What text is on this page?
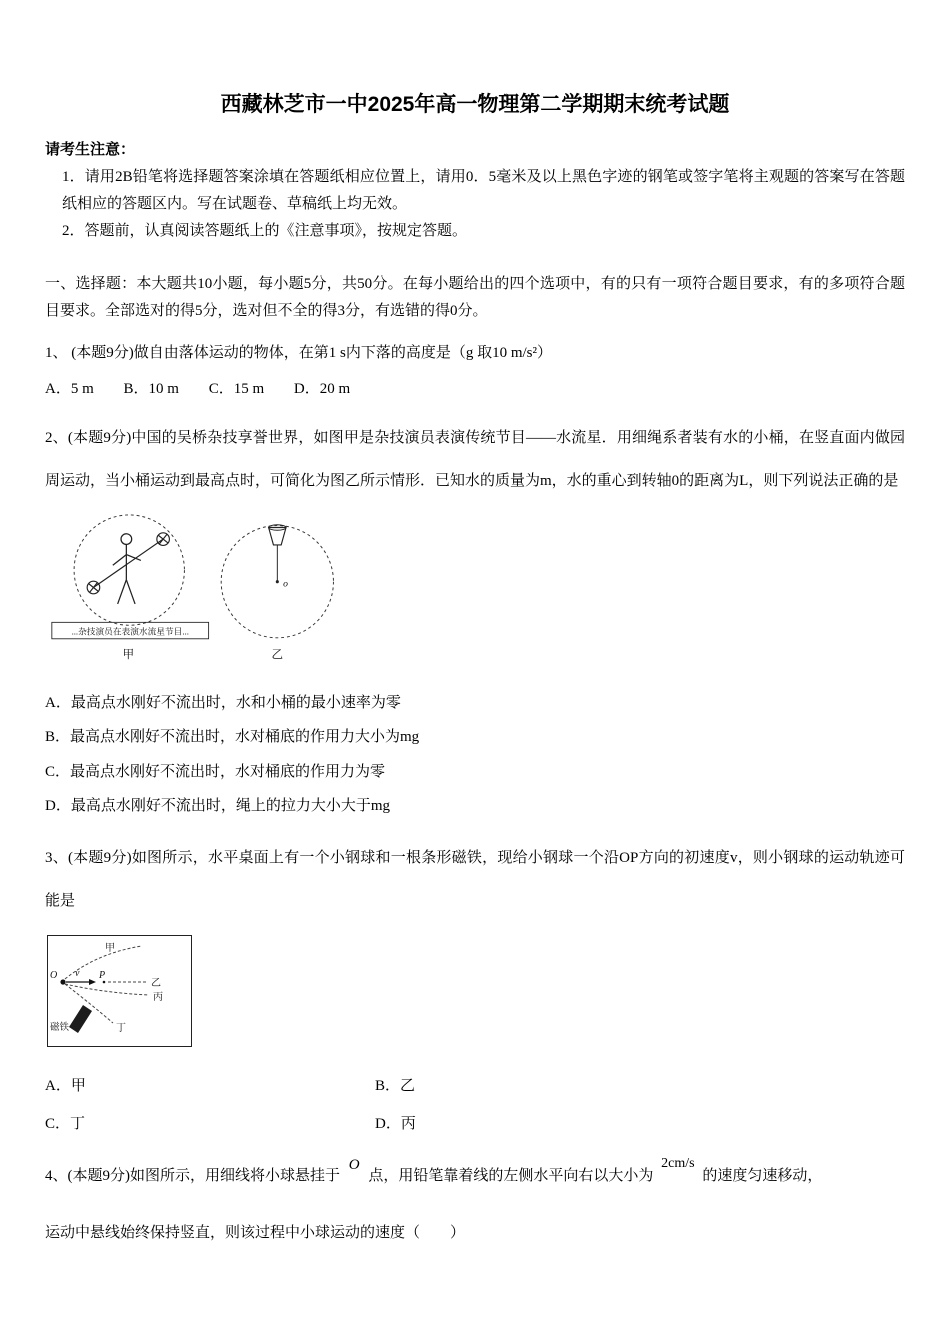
西藏林芝市一中2025年高一物理第二学期期末统考试题
请考生注意：

1．请用2B铅笔将选择题答案涂填在答题纸相应位置上，请用0．5毫米及以上黑色字迹的钢笔或签字笔将主观题的答案写在答题纸相应的答题区内。写在试题卷、草稿纸上均无效。

2．答题前，认真阅读答题纸上的《注意事项》，按规定答题。

一、选择题：本大题共10小题，每小题5分，共50分。在每小题给出的四个选项中，有的只有一项符合题目要求，有的多项符合题目要求。全部选对的得5分，选对但不全的得3分，有选错的得0分。

1、 (本题9分)做自由落体运动的物体，在第1 s内下落的高度是（g 取10 m/s²）

A．5 m B．10 m C．15 m D．20 m

2、(本题9分)中国的吴桥杂技享誉世界，如图甲是杂技演员表演传统节目——水流星．用细绳系者装有水的小桶，在竖直面内做园周运动，当小桶运动到最高点时，可简化为图乙所示情形．已知水的质量为m，水的重心到转轴0的距离为L，则下列说法正确的是

...杂技演员在表演水流星节目...
甲
o
乙

A．最高点水刚好不流出时，水和小桶的最小速率为零

B．最高点水刚好不流出时，水对桶底的作用力大小为mg

C．最高点水刚好不流出时，水对桶底的作用力为零

D．最高点水刚好不流出时，绳上的拉力大小大于mg

3、(本题9分)如图所示，水平桌面上有一个小钢球和一根条形磁铁，现给小钢球一个沿OP方向的初速度v，则小钢球的运动轨迹可能是

甲
O v P
乙
丙
丁
磁铁
A．甲	B．乙
C．丁	D．丙

4、(本题9分)如图所示，用细线将小球悬挂于 O 点，用铅笔靠着线的左侧水平向右以大小为 2cm/s 的速度匀速移动，

运动中悬线始终保持竖直，则该过程中小球运动的速度（　　）
